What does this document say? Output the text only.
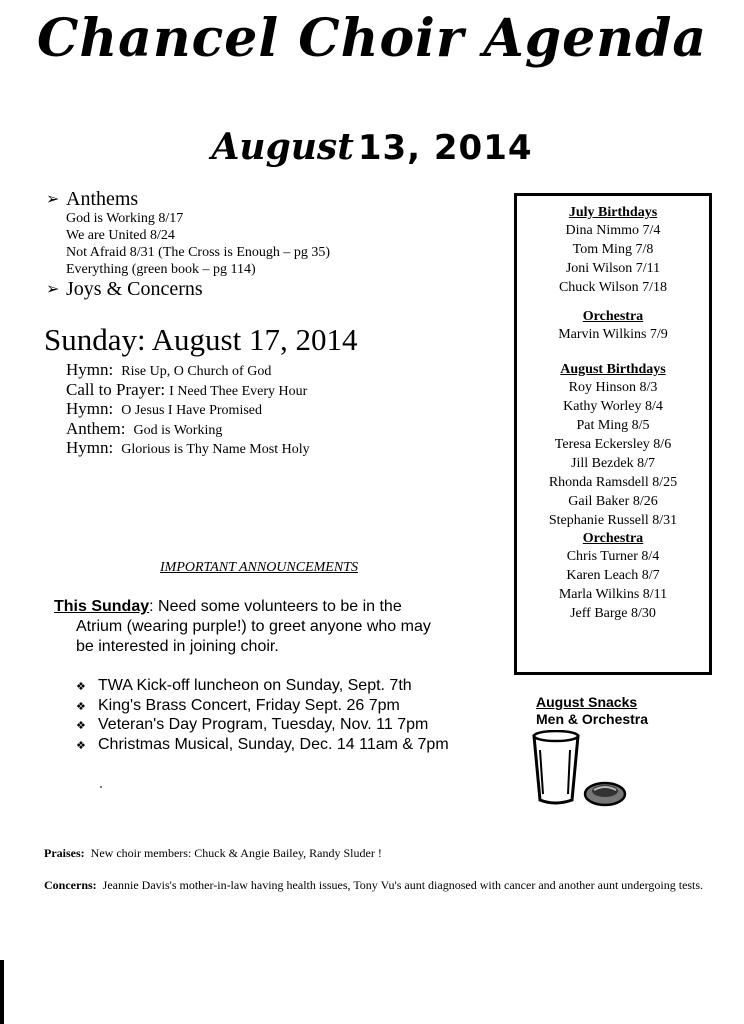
Chancel Choir Agenda
August 13, 2014
➢ Anthems
God is Working 8/17
We are United 8/24
Not Afraid 8/31 (The Cross is Enough – pg 35)
Everything (green book – pg 114)
➢ Joys & Concerns
Sunday: August 17, 2014
Hymn: Rise Up, O Church of God
Call to Prayer: I Need Thee Every Hour
Hymn: O Jesus I Have Promised
Anthem: God is Working
Hymn: Glorious is Thy Name Most Holy
IMPORTANT ANNOUNCEMENTS
This Sunday: Need some volunteers to be in the
Atrium (wearing purple!) to greet anyone who may
be interested in joining choir.
❖ TWA Kick-off luncheon on Sunday, Sept. 7th
❖ King's Brass Concert, Friday Sept. 26 7pm
❖ Veteran's Day Program, Tuesday, Nov. 11 7pm
❖ Christmas Musical, Sunday, Dec. 14 11am & 7pm
July Birthdays
Dina Nimmo 7/4
Tom Ming 7/8
Joni Wilson 7/11
Chuck Wilson 7/18
Orchestra
Marvin Wilkins 7/9
August Birthdays
Roy Hinson 8/3
Kathy Worley 8/4
Pat Ming 8/5
Teresa Eckersley 8/6
Jill Bezdek 8/7
Rhonda Ramsdell 8/25
Gail Baker 8/26
Stephanie Russell 8/31
Orchestra
Chris Turner 8/4
Karen Leach 8/7
Marla Wilkins 8/11
Jeff Barge 8/30
August Snacks
Men & Orchestra
Praises: New choir members: Chuck & Angie Bailey, Randy Sluder !
Concerns: Jeannie Davis's mother-in-law having health issues, Tony Vu's aunt diagnosed with cancer and another aunt undergoing tests.
